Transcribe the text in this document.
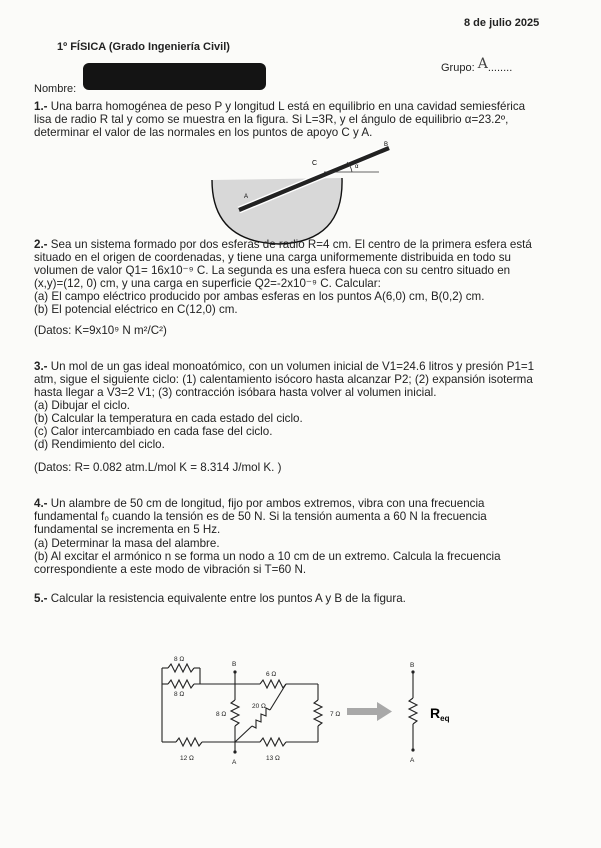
8 de julio 2025
1º FÍSICA (Grado Ingeniería Civil)
Grupo: A........
Nombre:
1.- Una barra homogénea de peso P y longitud L está en equilibrio en una cavidad semiesférica
lisa de radio R tal y como se muestra en la figura. Si L=3R, y el ángulo de equilibrio α=23.2º,
determinar el valor de las normales en los puntos de apoyo C y A.
C
A
B
α
2.- Sea un sistema formado por dos esferas de radio R=4 cm. El centro de la primera esfera está
situado en el origen de coordenadas, y tiene una carga uniformemente distribuida en todo su
volumen de valor Q1= 16x10⁻⁹ C. La segunda es una esfera hueca con su centro situado en
(x,y)=(12, 0) cm, y una carga en superficie Q2=-2x10⁻⁹ C. Calcular:
(a) El campo eléctrico producido por ambas esferas en los puntos A(6,0) cm, B(0,2) cm.
(b) El potencial eléctrico en C(12,0) cm.
(Datos: K=9x10⁹ N m²/C²)
3.- Un mol de un gas ideal monoatómico, con un volumen inicial de V1=24.6 litros y presión P1=1
atm, sigue el siguiente ciclo: (1) calentamiento isócoro hasta alcanzar P2; (2) expansión isoterma
hasta llegar a V3=2 V1; (3) contracción isóbara hasta volver al volumen inicial.
(a) Dibujar el ciclo.
(b) Calcular la temperatura en cada estado del ciclo.
(c) Calor intercambiado en cada fase del ciclo.
(d) Rendimiento del ciclo.
(Datos: R= 0.082 atm.L/mol K = 8.314 J/mol K. )
4.- Un alambre de 50 cm de longitud, fijo por ambos extremos, vibra con una frecuencia
fundamental f₀ cuando la tensión es de 50 N. Si la tensión aumenta a 60 N la frecuencia
fundamental se incrementa en 5 Hz.
(a) Determinar la masa del alambre.
(b) Al excitar el armónico n se forma un nodo a 10 cm de un extremo. Calcula la frecuencia
correspondiente a este modo de vibración si T=60 N.
5.- Calcular la resistencia equivalente entre los puntos A y B de la figura.
8 Ω
8 Ω
12 Ω
6 Ω
8 Ω
20 Ω
13 Ω
7 Ω
B
A
B
A
$R_{eq}$
